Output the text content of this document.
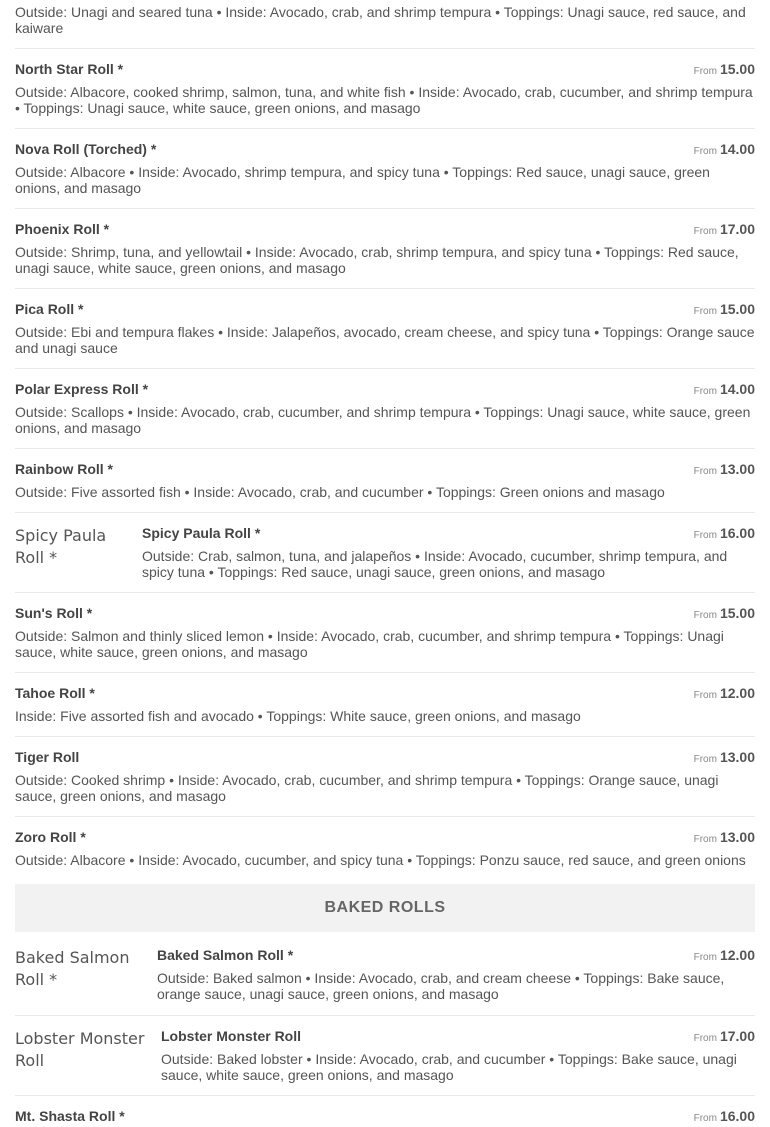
Outside: Unagi and seared tuna • Inside: Avocado, crab, and shrimp tempura • Toppings: Unagi sauce, red sauce, and kaiware
North Star Roll *	From 15.00
Outside: Albacore, cooked shrimp, salmon, tuna, and white fish • Inside: Avocado, crab, cucumber, and shrimp tempura • Toppings: Unagi sauce, white sauce, green onions, and masago
Nova Roll (Torched) *	From 14.00
Outside: Albacore • Inside: Avocado, shrimp tempura, and spicy tuna • Toppings: Red sauce, unagi sauce, green onions, and masago
Phoenix Roll *	From 17.00
Outside: Shrimp, tuna, and yellowtail • Inside: Avocado, crab, shrimp tempura, and spicy tuna • Toppings: Red sauce, unagi sauce, white sauce, green onions, and masago
Pica Roll *	From 15.00
Outside: Ebi and tempura flakes • Inside: Jalapeños, avocado, cream cheese, and spicy tuna • Toppings: Orange sauce and unagi sauce
Polar Express Roll *	From 14.00
Outside: Scallops • Inside: Avocado, crab, cucumber, and shrimp tempura • Toppings: Unagi sauce, white sauce, green onions, and masago
Rainbow Roll *	From 13.00
Outside: Five assorted fish • Inside: Avocado, crab, and cucumber • Toppings: Green onions and masago
Spicy Paula Roll *
Spicy Paula Roll *	From 16.00
Outside: Crab, salmon, tuna, and jalapeños • Inside: Avocado, cucumber, shrimp tempura, and spicy tuna • Toppings: Red sauce, unagi sauce, green onions, and masago
Sun's Roll *	From 15.00
Outside: Salmon and thinly sliced lemon • Inside: Avocado, crab, cucumber, and shrimp tempura • Toppings: Unagi sauce, white sauce, green onions, and masago
Tahoe Roll *	From 12.00
Inside: Five assorted fish and avocado • Toppings: White sauce, green onions, and masago
Tiger Roll	From 13.00
Outside: Cooked shrimp • Inside: Avocado, crab, cucumber, and shrimp tempura • Toppings: Orange sauce, unagi sauce, green onions, and masago
Zoro Roll *	From 13.00
Outside: Albacore • Inside: Avocado, cucumber, and spicy tuna • Toppings: Ponzu sauce, red sauce, and green onions
BAKED ROLLS
Baked Salmon Roll *
Baked Salmon Roll *	From 12.00
Outside: Baked salmon • Inside: Avocado, crab, and cream cheese • Toppings: Bake sauce, orange sauce, unagi sauce, green onions, and masago
Lobster Monster Roll
Lobster Monster Roll	From 17.00
Outside: Baked lobster • Inside: Avocado, crab, and cucumber • Toppings: Bake sauce, unagi sauce, white sauce, green onions, and masago
Mt. Shasta Roll *	From 16.00
